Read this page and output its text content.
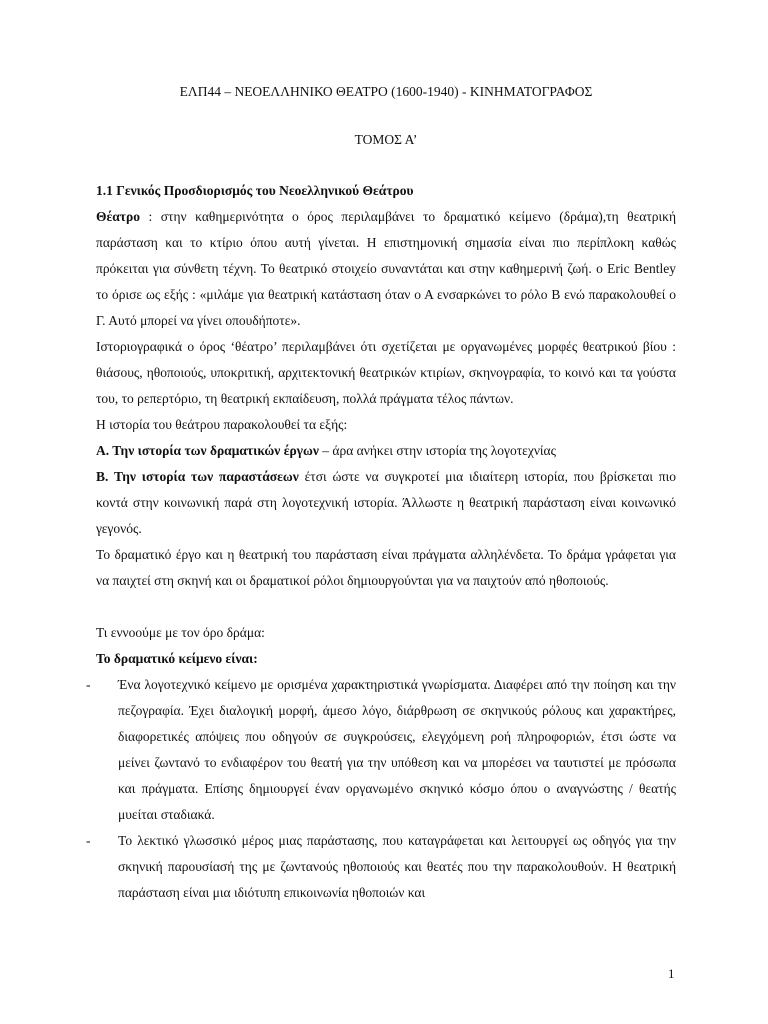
ΕΛΠ44 – ΝΕΟΕΛΛΗΝΙΚΟ ΘΕΑΤΡΟ (1600-1940) - ΚΙΝΗΜΑΤΟΓΡΑΦΟΣ

ΤΟΜΟΣ Α’

1.1 Γενικός Προσδιορισμός του Νεοελληνικού Θεάτρου

Θέατρο : στην καθημερινότητα ο όρος περιλαμβάνει το δραματικό κείμενο (δράμα),τη θεατρική παράσταση και το κτίριο όπου αυτή γίνεται. Η επιστημονική σημασία είναι πιο περίπλοκη καθώς πρόκειται για σύνθετη τέχνη. Το θεατρικό στοιχείο συναντάται και στην καθημερινή ζωή. ο Eric Bentley το όρισε ως εξής : «μιλάμε για θεατρική κατάσταση όταν ο Α ενσαρκώνει το ρόλο Β ενώ παρακολουθεί ο Γ. Αυτό μπορεί να γίνει οπουδήποτε».

Ιστοριογραφικά ο όρος ‘θέατρο’ περιλαμβάνει ότι σχετίζεται με οργανωμένες μορφές θεατρικού βίου : θιάσους, ηθοποιούς, υποκριτική, αρχιτεκτονική θεατρικών κτιρίων, σκηνογραφία, το κοινό και τα γούστα του, το ρεπερτόριο, τη θεατρική εκπαίδευση, πολλά πράγματα τέλος πάντων.

Η ιστορία του θεάτρου παρακολουθεί τα εξής:

Α. Την ιστορία των δραματικών έργων – άρα ανήκει στην ιστορία της λογοτεχνίας

Β. Την ιστορία των παραστάσεων έτσι ώστε να συγκροτεί μια ιδιαίτερη ιστορία, που βρίσκεται πιο κοντά στην κοινωνική παρά στη λογοτεχνική ιστορία. Άλλωστε η θεατρική παράσταση είναι κοινωνικό γεγονός.

Το δραματικό έργο και η θεατρική του παράσταση είναι πράγματα αλληλένδετα. Το δράμα γράφεται για να παιχτεί στη σκηνή και οι δραματικοί ρόλοι δημιουργούνται για να παιχτούν από ηθοποιούς.

Τι εννοούμε με τον όρο δράμα:

Το δραματικό κείμενο είναι:

- Ένα λογοτεχνικό κείμενο με ορισμένα χαρακτηριστικά γνωρίσματα. Διαφέρει από την ποίηση και την πεζογραφία. Έχει διαλογική μορφή, άμεσο λόγο, διάρθρωση σε σκηνικούς ρόλους και χαρακτήρες, διαφορετικές απόψεις που οδηγούν σε συγκρούσεις, ελεγχόμενη ροή πληροφοριών, έτσι ώστε να μείνει ζωντανό το ενδιαφέρον του θεατή για την υπόθεση και να μπορέσει να ταυτιστεί με πρόσωπα και πράγματα. Επίσης δημιουργεί έναν οργανωμένο σκηνικό κόσμο όπου ο αναγνώστης / θεατής μυείται σταδιακά.
- Το λεκτικό γλωσσικό μέρος μιας παράστασης, που καταγράφεται και λειτουργεί ως οδηγός για την σκηνική παρουσίασή της με ζωντανούς ηθοποιούς και θεατές που την παρακολουθούν. Η θεατρική παράσταση είναι μια ιδιότυπη επικοινωνία ηθοποιών και
1
